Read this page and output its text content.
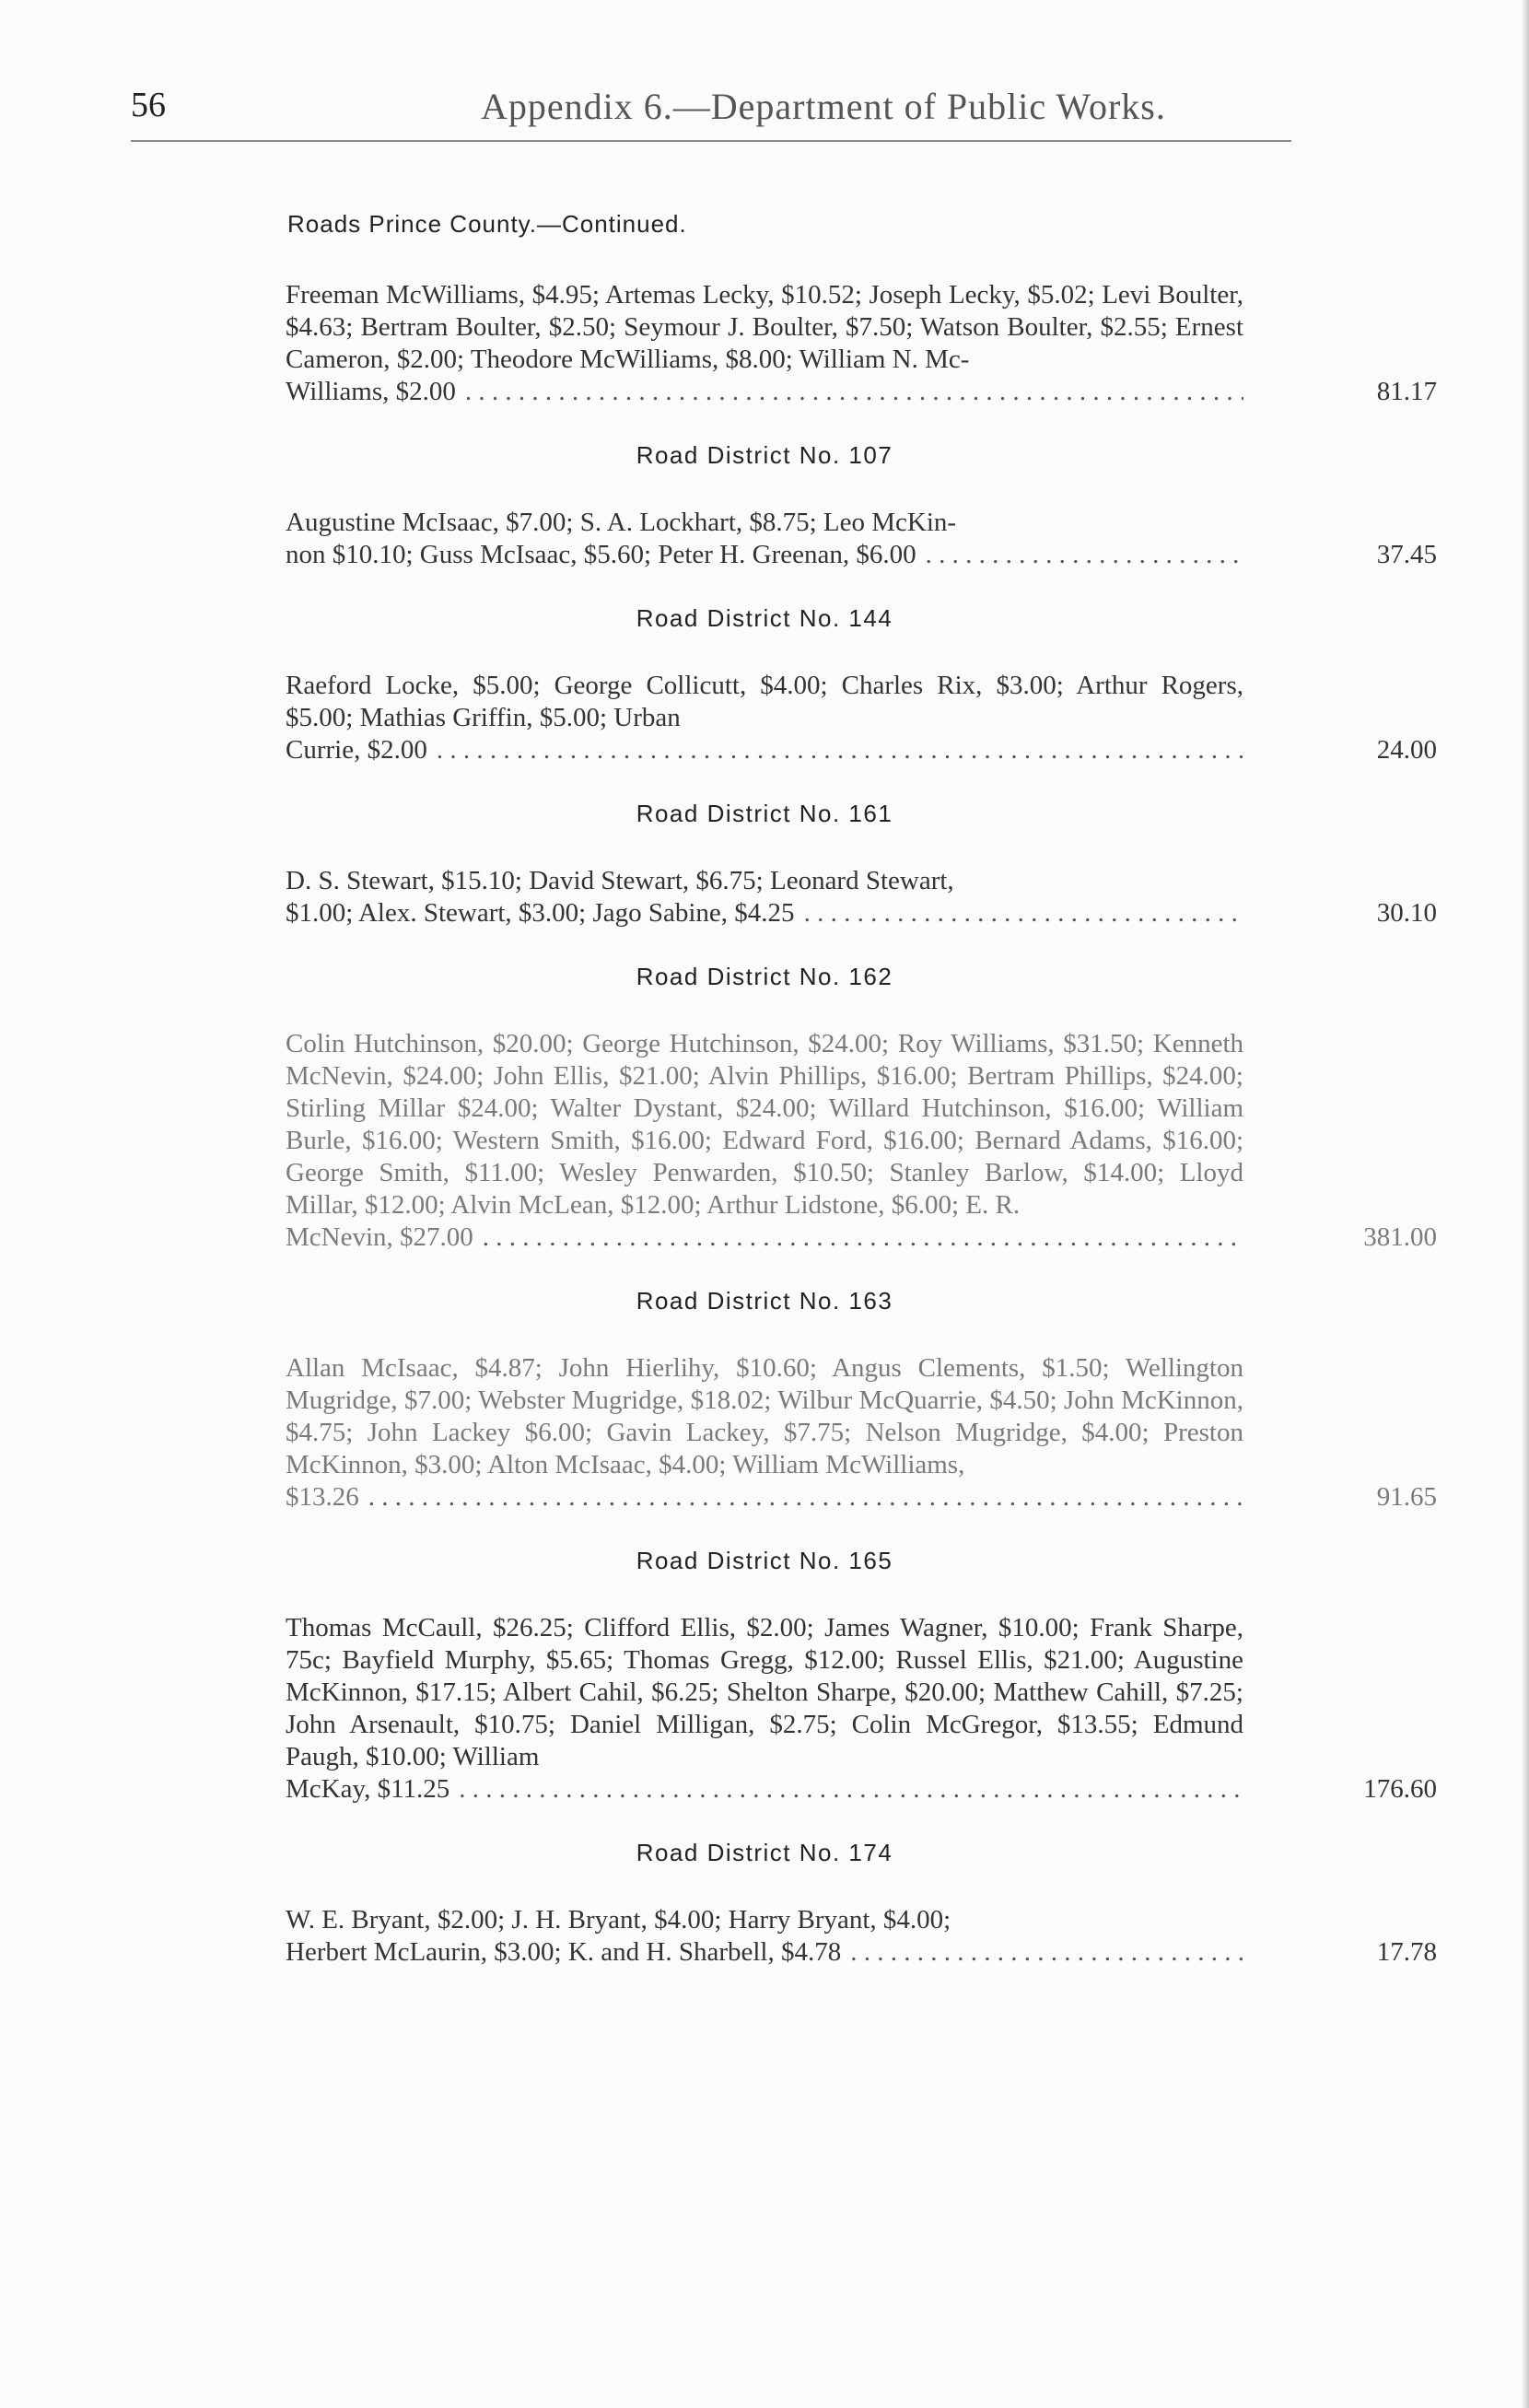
56	Appendix 6.—Department of Public Works.
Roads Prince County.—Continued.

Freeman McWilliams, $4.95; Artemas Lecky, $10.52; Joseph Lecky, $5.02; Levi Boulter, $4.63; Bertram Boulter, $2.50; Seymour J. Boulter, $7.50; Watson Boulter, $2.55; Ernest Cameron, $2.00; Theodore McWilliams, $8.00; William N. Mc-

Williams, $2.00 . . .	81.17
Road District No. 107

Augustine McIsaac, $7.00; S. A. Lockhart, $8.75; Leo McKin-

non $10.10; Guss McIsaac, $5.60; Peter H. Greenan, $6.00 . . .	37.45
Road District No. 144

Raeford Locke, $5.00; George Collicutt, $4.00; Charles Rix, $3.00; Arthur Rogers, $5.00; Mathias Griffin, $5.00; Urban

Currie, $2.00 . . .	24.00
Road District No. 161

D. S. Stewart, $15.10; David Stewart, $6.75; Leonard Stewart,

$1.00; Alex. Stewart, $3.00; Jago Sabine, $4.25 . . .	30.10
Road District No. 162

Colin Hutchinson, $20.00; George Hutchinson, $24.00; Roy Williams, $31.50; Kenneth McNevin, $24.00; John Ellis, $21.00; Alvin Phillips, $16.00; Bertram Phillips, $24.00; Stirling Millar $24.00; Walter Dystant, $24.00; Willard Hutchinson, $16.00; William Burle, $16.00; Western Smith, $16.00; Edward Ford, $16.00; Bernard Adams, $16.00; George Smith, $11.00; Wesley Penwarden, $10.50; Stanley Barlow, $14.00; Lloyd Millar, $12.00; Alvin McLean, $12.00; Arthur Lidstone, $6.00; E. R.

McNevin, $27.00 . . .	381.00
Road District No. 163

Allan McIsaac, $4.87; John Hierlihy, $10.60; Angus Clements, $1.50; Wellington Mugridge, $7.00; Webster Mugridge, $18.02; Wilbur McQuarrie, $4.50; John McKinnon, $4.75; John Lackey $6.00; Gavin Lackey, $7.75; Nelson Mugridge, $4.00; Preston McKinnon, $3.00; Alton McIsaac, $4.00; William McWilliams,

$13.26 . . .	91.65
Road District No. 165

Thomas McCaull, $26.25; Clifford Ellis, $2.00; James Wagner, $10.00; Frank Sharpe, 75c; Bayfield Murphy, $5.65; Thomas Gregg, $12.00; Russel Ellis, $21.00; Augustine McKinnon, $17.15; Albert Cahil, $6.25; Shelton Sharpe, $20.00; Matthew Cahill, $7.25; John Arsenault, $10.75; Daniel Milligan, $2.75; Colin McGregor, $13.55; Edmund Paugh, $10.00; William

McKay, $11.25 . . .	176.60
Road District No. 174

W. E. Bryant, $2.00; J. H. Bryant, $4.00; Harry Bryant, $4.00;

Herbert McLaurin, $3.00; K. and H. Sharbell, $4.78 . . .	17.78
